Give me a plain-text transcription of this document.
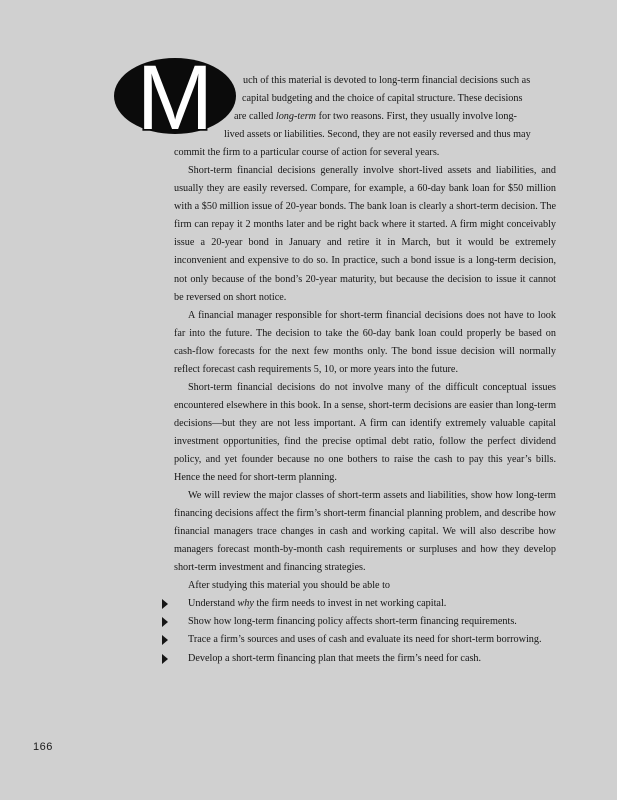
M	uch of this material is devoted to long-term financial decisions such as
capital budgeting and the choice of capital structure. These decisions
are called long-term for two reasons. First, they usually involve long-
lived assets or liabilities. Second, they are not easily reversed and thus may
commit the firm to a particular course of action for several years.

Short-term financial decisions generally involve short-lived assets and liabilities, and usually they are easily reversed. Compare, for example, a 60-day bank loan for $50 million with a $50 million issue of 20-year bonds. The bank loan is clearly a short-term decision. The firm can repay it 2 months later and be right back where it started. A firm might conceivably issue a 20-year bond in January and retire it in March, but it would be extremely inconvenient and expensive to do so. In practice, such a bond issue is a long-term decision, not only because of the bond’s 20-year maturity, but because the decision to issue it cannot be reversed on short notice.

A financial manager responsible for short-term financial decisions does not have to look far into the future. The decision to take the 60-day bank loan could properly be based on cash-flow forecasts for the next few months only. The bond issue decision will normally reflect forecast cash requirements 5, 10, or more years into the future.

Short-term financial decisions do not involve many of the difficult conceptual issues encountered elsewhere in this book. In a sense, short-term decisions are easier than long-term decisions—but they are not less important. A firm can identify extremely valuable capital investment opportunities, find the precise optimal debt ratio, follow the perfect dividend policy, and yet founder because no one bothers to raise the cash to pay this year’s bills. Hence the need for short-term planning.

We will review the major classes of short-term assets and liabilities, show how long-term financing decisions affect the firm’s short-term financial planning problem, and describe how financial managers trace changes in cash and working capital. We will also describe how managers forecast month-by-month cash requirements or surpluses and how they develop short-term investment and financing strategies.

After studying this material you should be able to

Understand why the firm needs to invest in net working capital.
Show how long-term financing policy affects short-term financing requirements.
Trace a firm’s sources and uses of cash and evaluate its need for short-term borrowing.
Develop a short-term financing plan that meets the firm’s need for cash.
166
